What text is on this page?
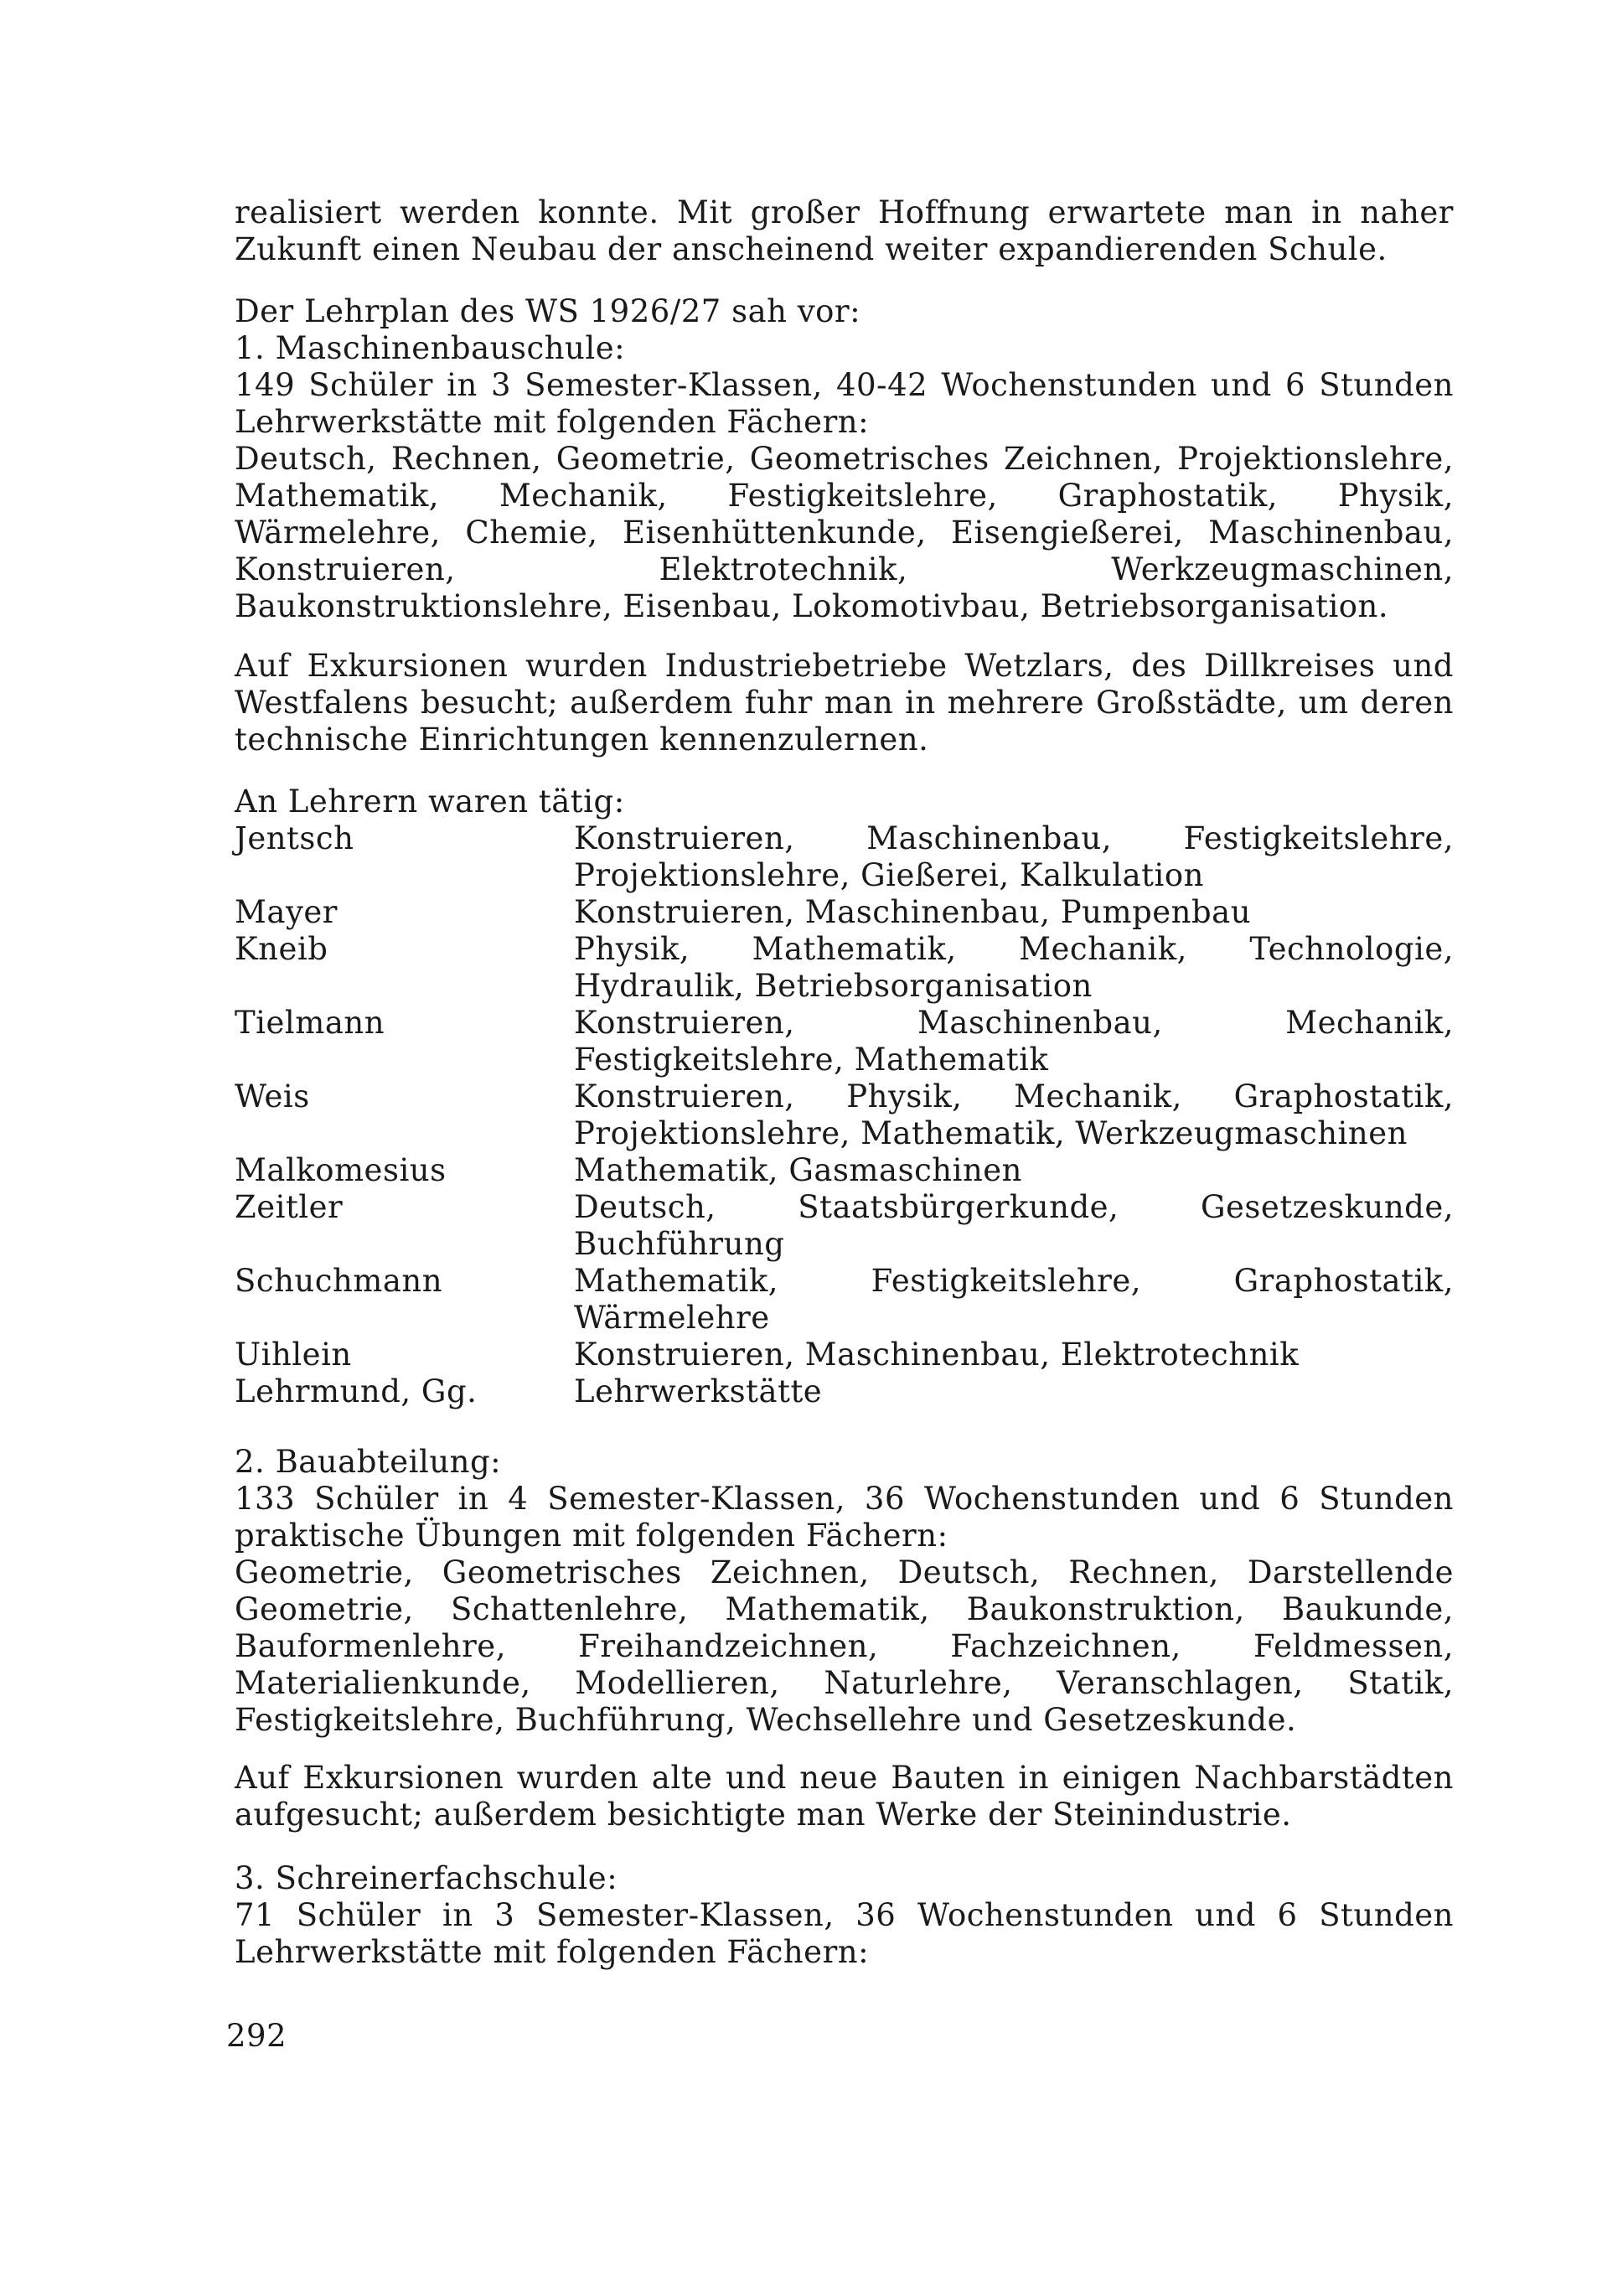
realisiert werden konnte. Mit großer Hoffnung erwartete man in naher Zukunft einen Neubau der anscheinend weiter expandierenden Schule.

Der Lehrplan des WS 1926/27 sah vor:

1. Maschinenbauschule:

149 Schüler in 3 Semester-Klassen, 40-42 Wochenstunden und 6 Stunden Lehrwerkstätte mit folgenden Fächern:

Deutsch, Rechnen, Geometrie, Geometrisches Zeichnen, Projektionslehre, Mathematik, Mechanik, Festigkeitslehre, Graphostatik, Physik, Wärmelehre, Chemie, Eisenhüttenkunde, Eisengießerei, Maschinenbau, Konstruieren, Elektrotechnik, Werkzeugmaschinen, Baukonstruktionslehre, Eisenbau, Lokomotivbau, Betriebsorganisation.

Auf Exkursionen wurden Industriebetriebe Wetzlars, des Dillkreises und Westfalens besucht; außerdem fuhr man in mehrere Großstädte, um deren technische Einrichtungen kennenzulernen.

An Lehrern waren tätig:

Jentsch	Konstruieren, Maschinenbau, Festigkeitslehre, Projektionslehre, Gießerei, Kalkulation
Mayer	Konstruieren, Maschinenbau, Pumpenbau
Kneib	Physik, Mathematik, Mechanik, Technologie, Hydraulik, Betriebsorganisation
Tielmann	Konstruieren, Maschinenbau, Mechanik, Festigkeitslehre, Mathematik
Weis	Konstruieren, Physik, Mechanik, Graphostatik, Projektionslehre, Mathematik, Werkzeugmaschinen
Malkomesius	Mathematik, Gasmaschinen
Zeitler	Deutsch, Staatsbürgerkunde, Gesetzeskunde, Buchführung
Schuchmann	Mathematik, Festigkeitslehre, Graphostatik, Wärmelehre
Uihlein	Konstruieren, Maschinenbau, Elektrotechnik
Lehrmund, Gg.	Lehrwerkstätte

2. Bauabteilung:

133 Schüler in 4 Semester-Klassen, 36 Wochenstunden und 6 Stunden praktische Übungen mit folgenden Fächern:

Geometrie, Geometrisches Zeichnen, Deutsch, Rechnen, Darstellende Geometrie, Schattenlehre, Mathematik, Baukonstruktion, Baukunde, Bauformenlehre, Freihandzeichnen, Fachzeichnen, Feldmessen, Materialienkunde, Modellieren, Naturlehre, Veranschlagen, Statik, Festigkeitslehre, Buchführung, Wechsellehre und Gesetzeskunde.

Auf Exkursionen wurden alte und neue Bauten in einigen Nachbarstädten aufgesucht; außerdem besichtigte man Werke der Steinindustrie.

3. Schreinerfachschule:

71 Schüler in 3 Semester-Klassen, 36 Wochenstunden und 6 Stunden Lehrwerkstätte mit folgenden Fächern:

292
